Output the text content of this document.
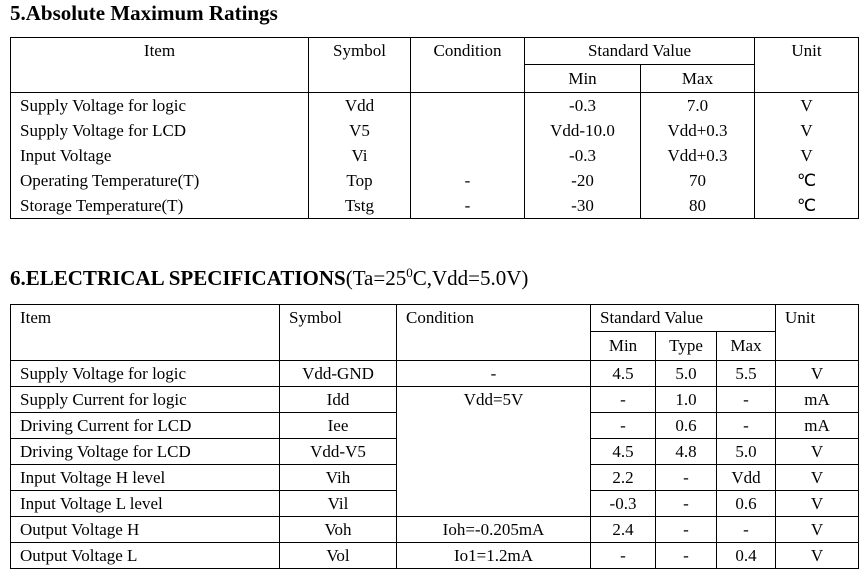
5.Absolute Maximum Ratings
Item	Symbol	Condition	Standard Value		Unit

			Min	Max	
Supply Voltage for logic	Vdd		-0.3	7.0	V
Supply Voltage for LCD	V5		Vdd-10.0	Vdd+0.3	V
Input Voltage	Vi		-0.3	Vdd+0.3	V
Operating Temperature(T)	Top	-	-20	70	℃
Storage Temperature(T)	Tstg	-	-30	80	℃
6.ELECTRICAL $SPECIFICATIONS(Ta=25^0C,Vdd=5.0V)$
Item	Symbol	Condition	Standard Value			Unit

			Min	Type	Max	
Supply Voltage for logic	Vdd-GND	-	4.5	5.0	5.5	V
Supply Current for logic	Idd	Vdd=5V	-	1.0	-	mA
Driving Current for LCD	Iee		-	0.6	-	mA
Driving Voltage for LCD	Vdd-V5		4.5	4.8	5.0	V
Input Voltage H level	Vih		2.2	-	Vdd	V
Input Voltage L level	Vil		-0.3	-	0.6	V
Output Voltage H	Voh	Ioh=-0.205mA	2.4	-	-	V
Output Voltage L	Vol	Io1=1.2mA	-	-	0.4	V
